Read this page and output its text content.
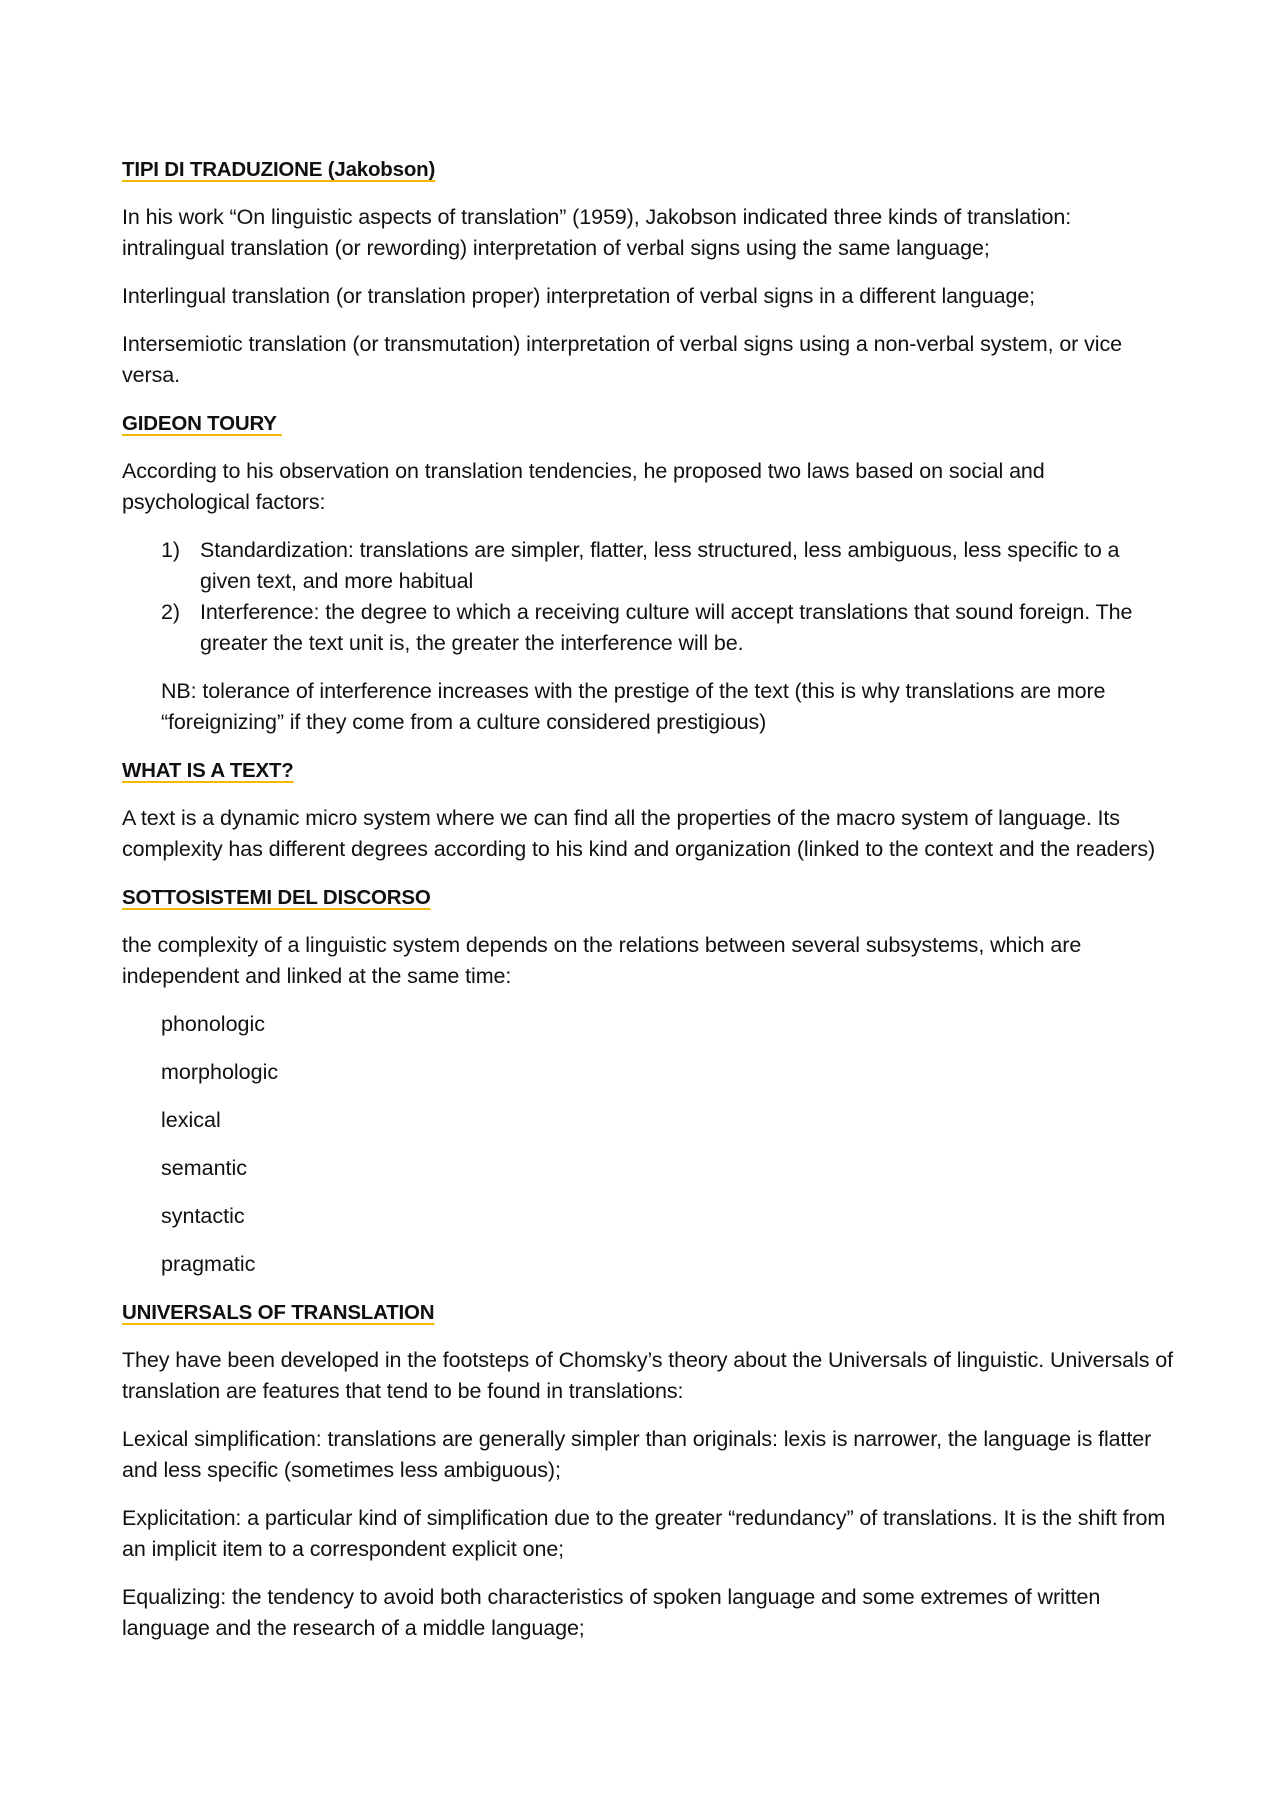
TIPI DI TRADUZIONE (Jakobson)

In his work “On linguistic aspects of translation” (1959), Jakobson indicated three kinds of translation: intralingual translation (or rewording) interpretation of verbal signs using the same language;

Interlingual translation (or translation proper) interpretation of verbal signs in a different language;

Intersemiotic translation (or transmutation) interpretation of verbal signs using a non-verbal system, or vice versa.

GIDEON TOURY

According to his observation on translation tendencies, he proposed two laws based on social and psychological factors:

1) Standardization: translations are simpler, flatter, less structured, less ambiguous, less specific to a given text, and more habitual
2) Interference: the degree to which a receiving culture will accept translations that sound foreign. The greater the text unit is, the greater the interference will be.

NB: tolerance of interference increases with the prestige of the text (this is why translations are more “foreignizing” if they come from a culture considered prestigious)

WHAT IS A TEXT?

A text is a dynamic micro system where we can find all the properties of the macro system of language. Its complexity has different degrees according to his kind and organization (linked to the context and the readers)

SOTTOSISTEMI DEL DISCORSO

the complexity of a linguistic system depends on the relations between several subsystems, which are independent and linked at the same time:

phonologic

morphologic

lexical

semantic

syntactic

pragmatic

UNIVERSALS OF TRANSLATION

They have been developed in the footsteps of Chomsky’s theory about the Universals of linguistic. Universals of translation are features that tend to be found in translations:

Lexical simplification: translations are generally simpler than originals: lexis is narrower, the language is flatter and less specific (sometimes less ambiguous);

Explicitation: a particular kind of simplification due to the greater “redundancy” of translations. It is the shift from an implicit item to a correspondent explicit one;

Equalizing: the tendency to avoid both characteristics of spoken language and some extremes of written language and the research of a middle language;
